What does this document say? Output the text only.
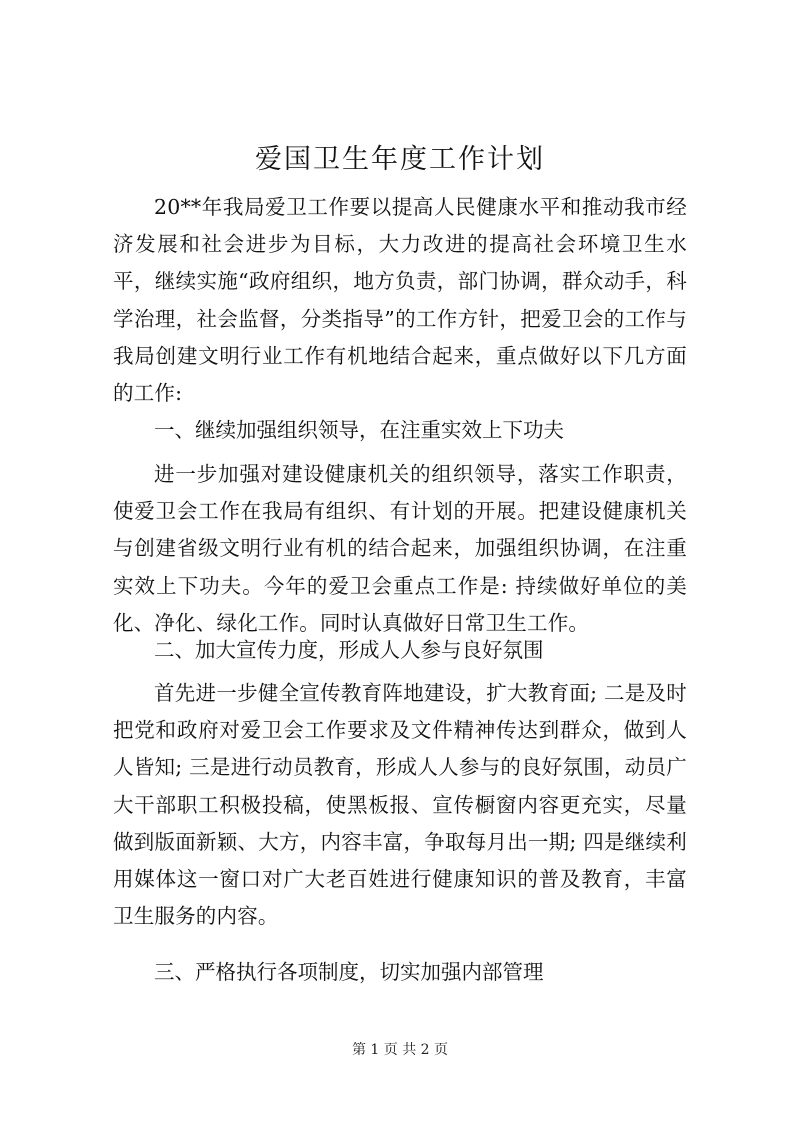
爱国卫生年度工作计划

20**年我局爱卫工作要以提高人民健康水平和推动我市经济发展和社会进步为目标，大力改进的提高社会环境卫生水平，继续实施“政府组织，地方负责，部门协调，群众动手，科学治理，社会监督，分类指导”的工作方针，把爱卫会的工作与我局创建文明行业工作有机地结合起来，重点做好以下几方面的工作:

一、继续加强组织领导，在注重实效上下功夫

进一步加强对建设健康机关的组织领导，落实工作职责，使爱卫会工作在我局有组织、有计划的开展。把建设健康机关与创建省级文明行业有机的结合起来，加强组织协调，在注重实效上下功夫。今年的爱卫会重点工作是: 持续做好单位的美化、净化、绿化工作。同时认真做好日常卫生工作。

二、加大宣传力度，形成人人参与良好氛围

首先进一步健全宣传教育阵地建设，扩大教育面; 二是及时把党和政府对爱卫会工作要求及文件精神传达到群众，做到人人皆知; 三是进行动员教育，形成人人参与的良好氛围，动员广大干部职工积极投稿，使黑板报、宣传橱窗内容更充实，尽量做到版面新颖、大方，内容丰富，争取每月出一期; 四是继续利用媒体这一窗口对广大老百姓进行健康知识的普及教育，丰富卫生服务的内容。

三、严格执行各项制度，切实加强内部管理

第 1 页 共 2 页
